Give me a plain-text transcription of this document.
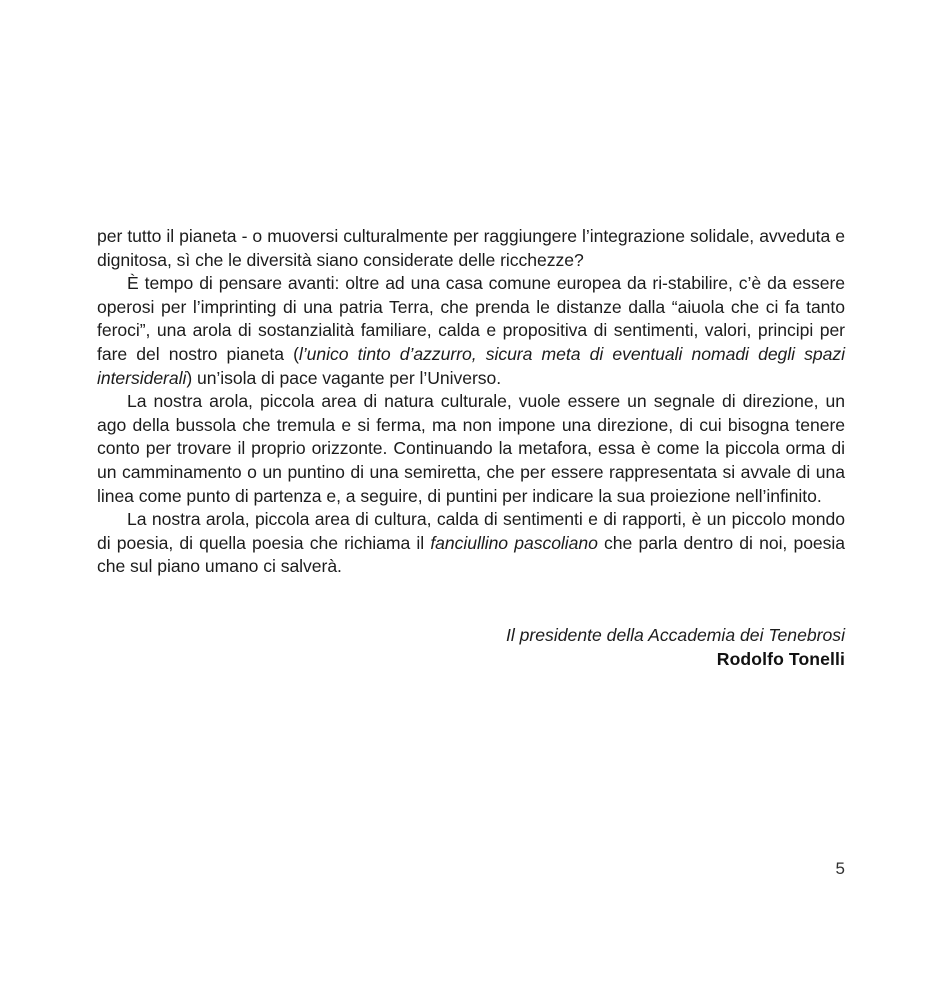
per tutto il pianeta - o muoversi culturalmente per raggiungere l’integrazione solidale, avveduta e dignitosa, sì che le diversità siano considerate delle ricchezze?

È tempo di pensare avanti: oltre ad una casa comune europea da ri-stabilire, c’è da essere operosi per l’imprinting di una patria Terra, che prenda le distanze dalla “aiuola che ci fa tanto feroci”, una arola di sostanzialità familiare, calda e propositiva di sentimenti, valori, principi per fare del nostro pianeta (l’unico tinto d’azzurro, sicura meta di eventuali nomadi degli spazi intersiderali) un’isola di pace vagante per l’Universo.

La nostra arola, piccola area di natura culturale, vuole essere un segnale di direzione, un ago della bussola che tremula e si ferma, ma non impone una direzione, di cui bisogna tenere conto per trovare il proprio orizzonte. Continuando la metafora, essa è come la piccola orma di un camminamento o un puntino di una semiretta, che per essere rappresentata si avvale di una linea come punto di partenza e, a seguire, di puntini per indicare la sua proiezione nell’infinito.

La nostra arola, piccola area di cultura, calda di sentimenti e di rapporti, è un piccolo mondo di poesia, di quella poesia che richiama il fanciullino pascoliano che parla dentro di noi, poesia che sul piano umano ci salverà.

Il presidente della Accademia dei Tenebrosi

Rodolfo Tonelli

5
